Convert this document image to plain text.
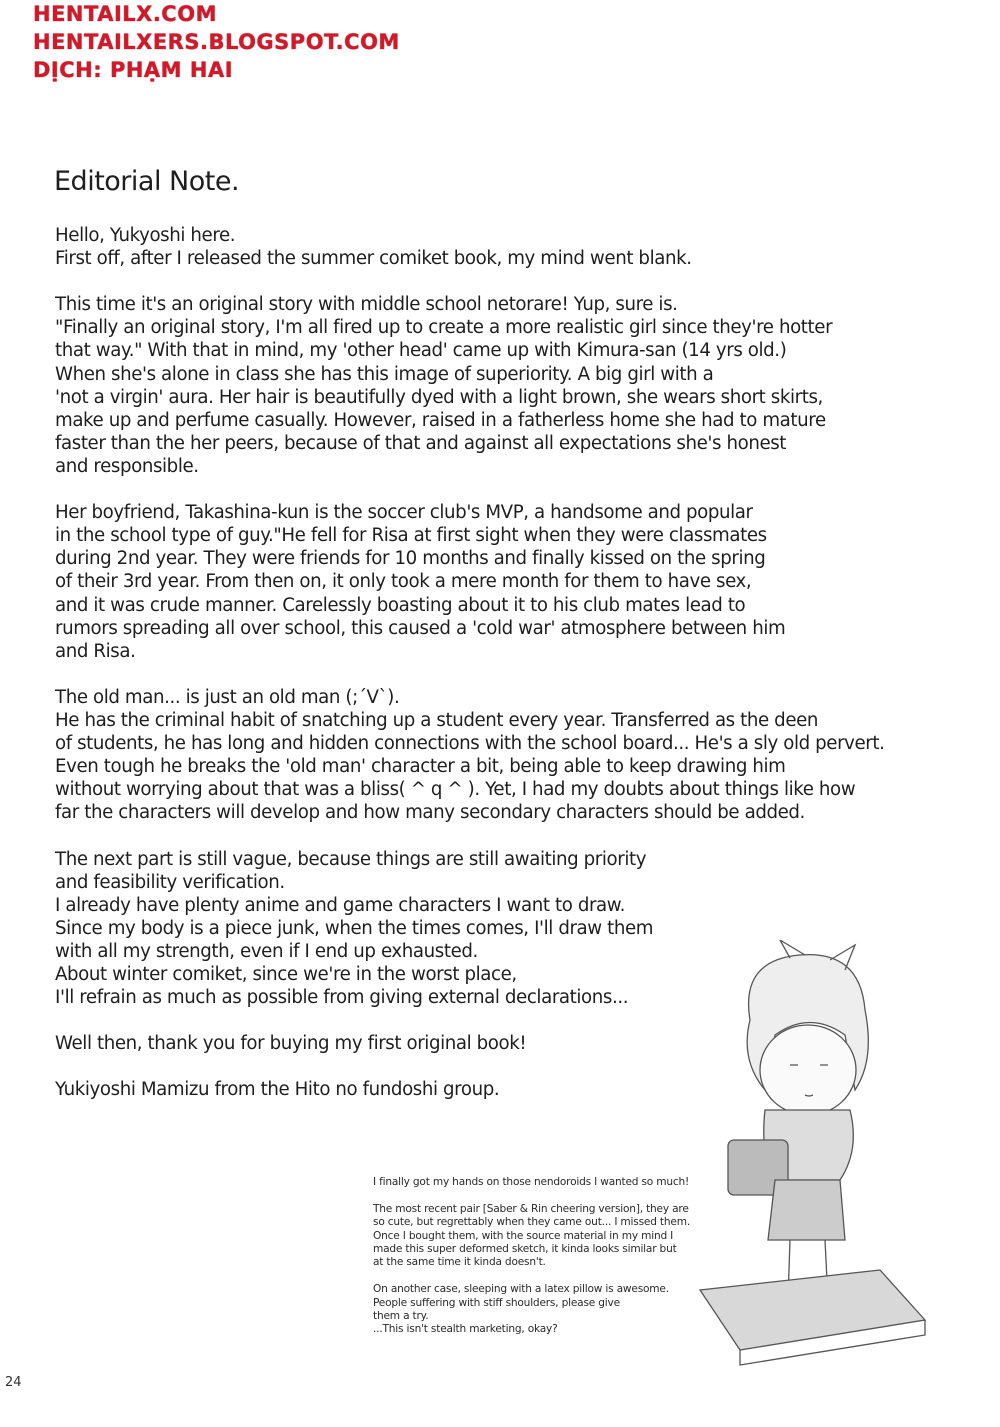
HENTAILX.COM
HENTAILXERS.BLOGSPOT.COM
DỊCH: PHẠM HAI
Editorial Note.
Hello, Yukyoshi here.
First off, after I released the summer comiket book, my mind went blank.
This time it's an original story with middle school netorare! Yup, sure is.
"Finally an original story, I'm all fired up to create a more realistic girl since they're hotter
that way." With that in mind, my 'other head' came up with Kimura-san (14 yrs old.)
When she's alone in class she has this image of superiority. A big girl with a
'not a virgin' aura. Her hair is beautifully dyed with a light brown, she wears short skirts,
make up and perfume casually. However, raised in a fatherless home she had to mature
faster than the her peers, because of that and against all expectations she's honest
and responsible.
Her boyfriend, Takashina-kun is the soccer club's MVP, a handsome and popular
in the school type of guy."He fell for Risa at first sight when they were classmates
during 2nd year. They were friends for 10 months and finally kissed on the spring
of their 3rd year. From then on, it only took a mere month for them to have sex,
and it was crude manner. Carelessly boasting about it to his club mates lead to
rumors spreading all over school, this caused a 'cold war' atmosphere between him
and Risa.
The old man... is just an old man (;´V`).
He has the criminal habit of snatching up a student every year. Transferred as the deen
of students, he has long and hidden connections with the school board... He's a sly old pervert.
Even tough he breaks the 'old man' character a bit, being able to keep drawing him
without worrying about that was a bliss( ^ q ^ ). Yet, I had my doubts about things like how
far the characters will develop and how many secondary characters should be added.
The next part is still vague, because things are still awaiting priority
and feasibility verification.
I already have plenty anime and game characters I want to draw.
Since my body is a piece junk, when the times comes, I'll draw them
with all my strength, even if I end up exhausted.
About winter comiket, since we're in the worst place,
I'll refrain as much as possible from giving external declarations...
Well then, thank you for buying my first original book!
Yukiyoshi Mamizu from the Hito no fundoshi group.
I finally got my hands on those nendoroids I wanted so much!
The most recent pair [Saber & Rin cheering version], they are
so cute, but regrettably when they came out... I missed them.
Once I bought them, with the source material in my mind I
made this super deformed sketch, it kinda looks similar but
at the same time it kinda doesn't.
On another case, sleeping with a latex pillow is awesome.
People suffering with stiff shoulders, please give
them a try.
...This isn't stealth marketing, okay?
24
